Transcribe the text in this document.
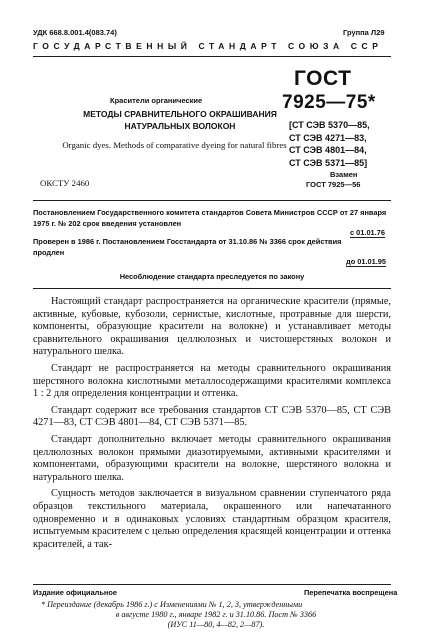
УДК 668.8.001.4(083.74)	Группа Л29
ГОСУДАРСТВЕННЫЙ СТАНДАРТ СОЮЗА ССР
Красители органические
МЕТОДЫ СРАВНИТЕЛЬНОГО ОКРАШИВАНИЯ НАТУРАЛЬНЫХ ВОЛОКОН
Organic dyes. Methods of comparative dyeing for natural fibres
ОКСТУ 2460
ГОСТ
7925—75*
[СТ СЭВ 5370—85,
СТ СЭВ 4271—83,
СТ СЭВ 4801—84,
СТ СЭВ 5371—85]
Взамен
ГОСТ 7925—56
Постановлением Государственного комитета стандартов Совета Министров СССР от 27 января 1975 г. № 202 срок введения установлен
с 01.01.76
Проверен в 1986 г. Постановлением Госстандарта от 31.10.86 № 3366 срок действия продлен
до 01.01.95
Несоблюдение стандарта преследуется по закону

Настоящий стандарт распространяется на органические красители (прямые, активные, кубовые, кубозоли, сернистые, кислотные, протравные для шерсти, компоненты, образующие красители на волокне) и устанавливает методы сравнительного окрашивания целлюлозных и чистошерстяных волокон и натурального шелка.

Стандарт не распространяется на методы сравнительного окрашивания шерстяного волокна кислотными металлосодержащими красителями комплекса 1 : 2 для определения концентрации и оттенка.

Стандарт содержит все требования стандартов СТ СЭВ 5370—85, СТ СЭВ 4271—83, СТ СЭВ 4801—84, СТ СЭВ 5371—85.

Стандарт дополнительно включает методы сравнительного окрашивания целлюлозных волокон прямыми диазотируемыми, активными красителями и компонентами, образующими красители на волокне, шерстяного волокна и натурального шелка.

Сущность методов заключается в визуальном сравнении ступенчатого ряда образцов текстильного материала, окрашенного или напечатанного одновременно и в одинаковых условиях стандартным образцом красителя, испытуемым красителем с целью определения красящей концентрации и оттенка красителей, а так-

Издание официальное	Перепечатка воспрещена
* Переиздание (декабрь 1986 г.) с Изменениями № 1, 2, 3, утвержденными
в августе 1980 г., январе 1982 г. и 31.10.86. Пост № 3366
(ИУС 11—80, 4—82, 2—87).
